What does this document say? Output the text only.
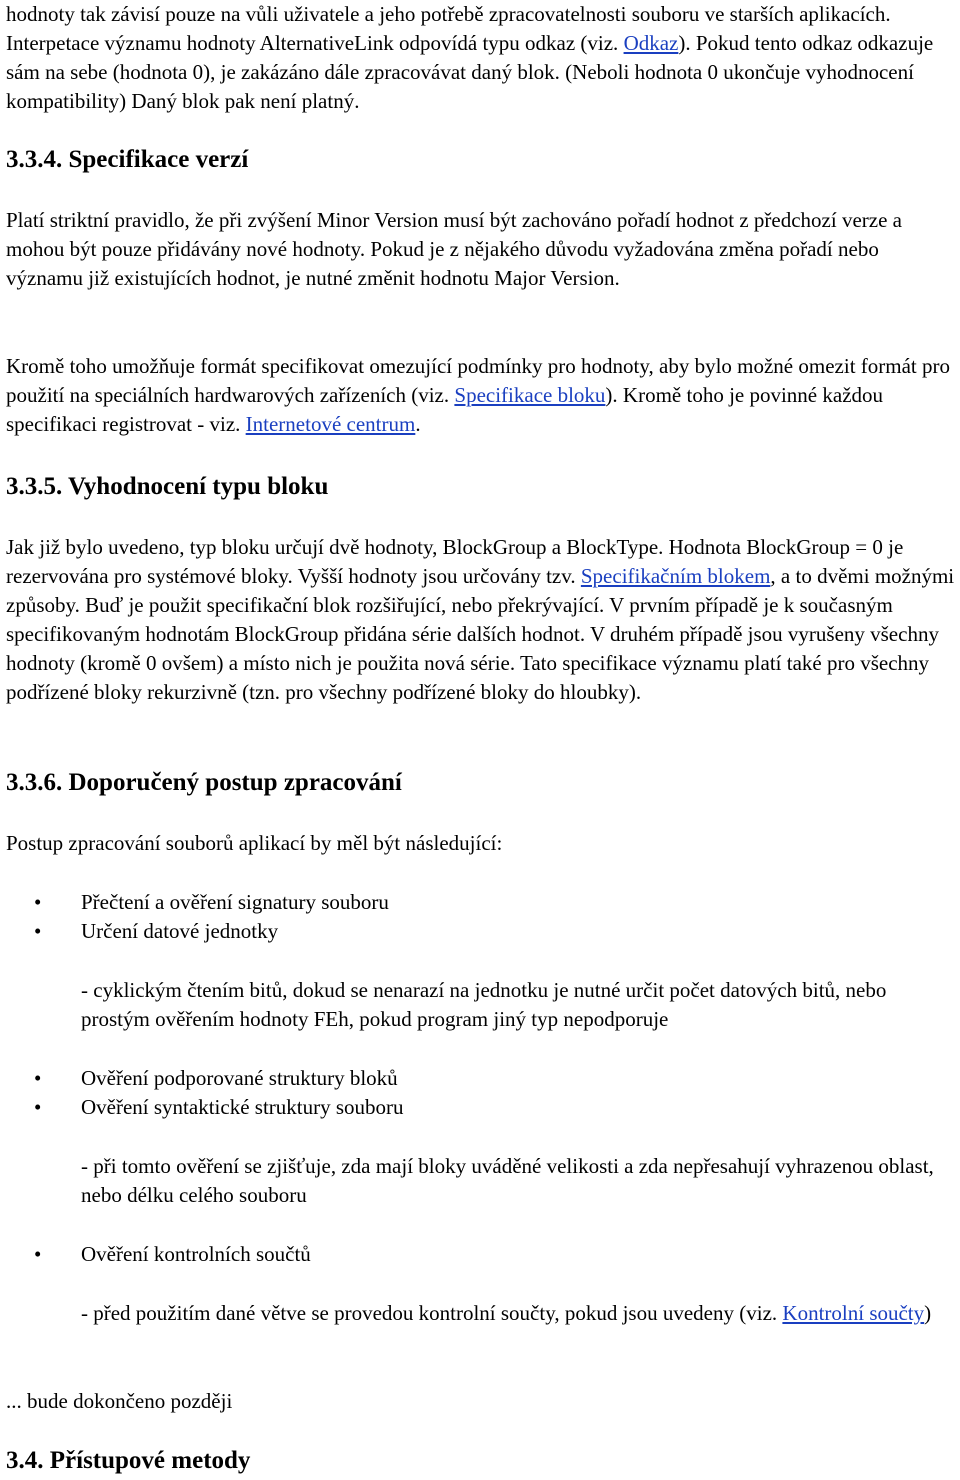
hodnoty tak závisí pouze na vůli uživatele a jeho potřebě zpracovatelnosti souboru ve starších aplikacích. Interpetace významu hodnoty AlternativeLink odpovídá typu odkaz (viz. Odkaz). Pokud tento odkaz odkazuje sám na sebe (hodnota 0), je zakázáno dále zpracovávat daný blok. (Neboli hodnota 0 ukončuje vyhodnocení kompatibility) Daný blok pak není platný.

3.3.4. Specifikace verzí

Platí striktní pravidlo, že při zvýšení Minor Version musí být zachováno pořadí hodnot z předchozí verze a mohou být pouze přidávány nové hodnoty. Pokud je z nějakého důvodu vyžadována změna pořadí nebo významu již existujících hodnot, je nutné změnit hodnotu Major Version.

Kromě toho umožňuje formát specifikovat omezující podmínky pro hodnoty, aby bylo možné omezit formát pro použití na speciálních hardwarových zařízeních (viz. Specifikace bloku). Kromě toho je povinné každou specifikaci registrovat - viz. Internetové centrum.

3.3.5. Vyhodnocení typu bloku

Jak již bylo uvedeno, typ bloku určují dvě hodnoty, BlockGroup a BlockType. Hodnota BlockGroup = 0 je rezervována pro systémové bloky. Vyšší hodnoty jsou určovány tzv. Specifikačním blokem, a to dvěmi možnými způsoby. Buď je použit specifikační blok rozšiřující, nebo překrývající. V prvním případě je k současným specifikovaným hodnotám BlockGroup přidána série dalších hodnot. V druhém případě jsou vyrušeny všechny hodnoty (kromě 0 ovšem) a místo nich je použita nová série. Tato specifikace významu platí také pro všechny podřízené bloky rekurzivně (tzn. pro všechny podřízené bloky do hloubky).

3.3.6. Doporučený postup zpracování

Postup zpracování souborů aplikací by měl být následující:

• Přečtení a ověření signatury souboru

• Určení datové jednotky

- cyklickým čtením bitů, dokud se nenarazí na jednotku je nutné určit počet datových bitů, nebo prostým ověřením hodnoty FEh, pokud program jiný typ nepodporuje

• Ověření podporované struktury bloků

• Ověření syntaktické struktury souboru

- při tomto ověření se zjišťuje, zda mají bloky uváděné velikosti a zda nepřesahují vyhrazenou oblast, nebo délku celého souboru

• Ověření kontrolních součtů

- před použitím dané větve se provedou kontrolní součty, pokud jsou uvedeny (viz. Kontrolní součty)

... bude dokončeno později

3.4. Přístupové metody
